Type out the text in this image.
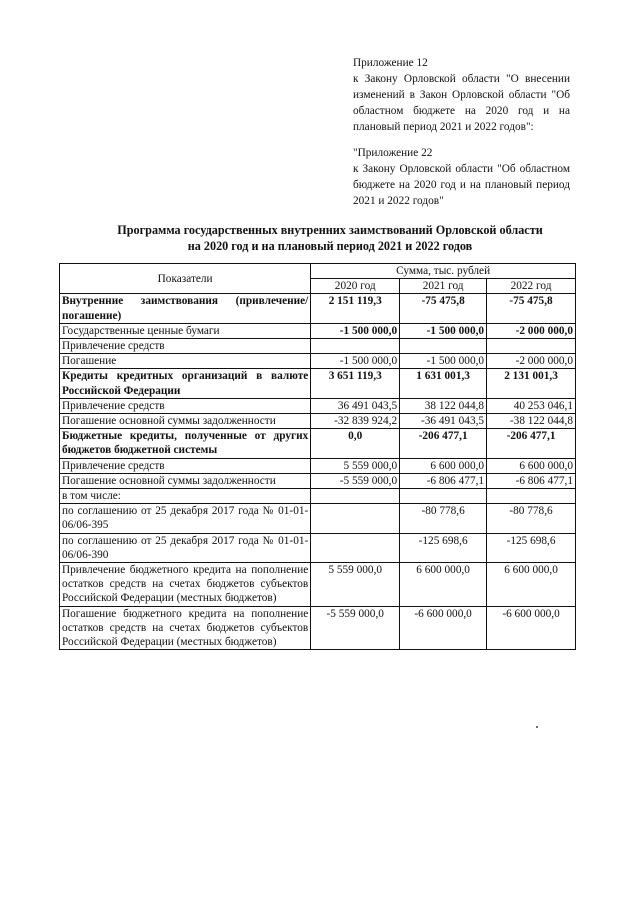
Приложение 12

к Закону Орловской области "О внесении изменений в Закон Орловской области "Об областном бюджете на 2020 год и на плановый период 2021 и 2022 годов":

"Приложение 22

к Закону Орловской области "Об областном бюджете на 2020 год и на плановый период 2021 и 2022 годов"

Программа государственных внутренних заимствований Орловской области
на 2020 год и на плановый период 2021 и 2022 годов
Показатели	Сумма, тыс. рублей		
	2020 год	2021 год	2022 год
Внутренние заимствования (привлечение/погашение)	2 151 119,3	-75 475,8	-75 475,8
Государственные ценные бумаги	-1 500 000,0	-1 500 000,0	-2 000 000,0
Привлечение средств			
Погашение	-1 500 000,0	-1 500 000,0	-2 000 000,0
Кредиты кредитных организаций в валюте Российской Федерации	3 651 119,3	1 631 001,3	2 131 001,3
Привлечение средств	36 491 043,5	38 122 044,8	40 253 046,1
Погашение основной суммы задолженности	-32 839 924,2	-36 491 043,5	-38 122 044,8
Бюджетные кредиты, полученные от других бюджетов бюджетной системы	0,0	-206 477,1	-206 477,1
Привлечение средств	5 559 000,0	6 600 000,0	6 600 000,0
Погашение основной суммы задолженности	-5 559 000,0	-6 806 477,1	-6 806 477,1
в том числе:			
по соглашению от 25 декабря 2017 года № 01-01-06/06-395		-80 778,6	-80 778,6
по соглашению от 25 декабря 2017 года № 01-01-06/06-390		-125 698,6	-125 698,6
Привлечение бюджетного кредита на пополнение остатков средств на счетах бюджетов субъектов Российской Федерации (местных бюджетов)	5 559 000,0	6 600 000,0	6 600 000,0
Погашение бюджетного кредита на пополнение остатков средств на счетах бюджетов субъектов Российской Федерации (местных бюджетов)	-5 559 000,0	-6 600 000,0	-6 600 000,0
